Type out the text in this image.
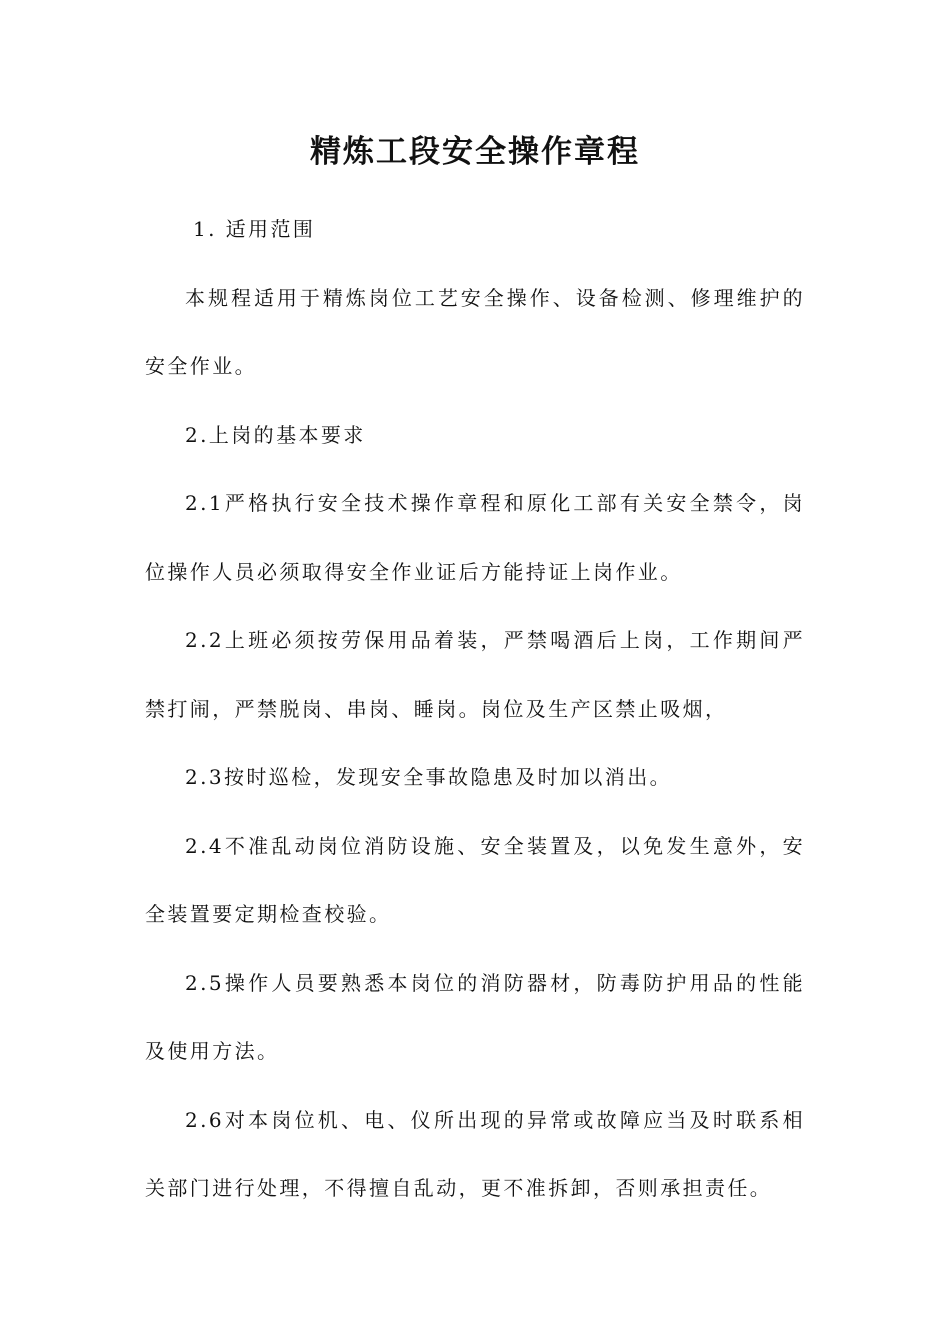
精炼工段安全操作章程

1. 适用范围

本规程适用于精炼岗位工艺安全操作、设备检测、修理维护的安全作业。

2.上岗的基本要求

2.1严格执行安全技术操作章程和原化工部有关安全禁令，岗位操作人员必须取得安全作业证后方能持证上岗作业。

2.2上班必须按劳保用品着装，严禁喝酒后上岗，工作期间严禁打闹，严禁脱岗、串岗、睡岗。岗位及生产区禁止吸烟，

2.3按时巡检，发现安全事故隐患及时加以消出。

2.4不准乱动岗位消防设施、安全装置及，以免发生意外，安全装置要定期检查校验。

2.5操作人员要熟悉本岗位的消防器材，防毒防护用品的性能及使用方法。

2.6对本岗位机、电、仪所出现的异常或故障应当及时联系相关部门进行处理，不得擅自乱动，更不准拆卸，否则承担责任。
